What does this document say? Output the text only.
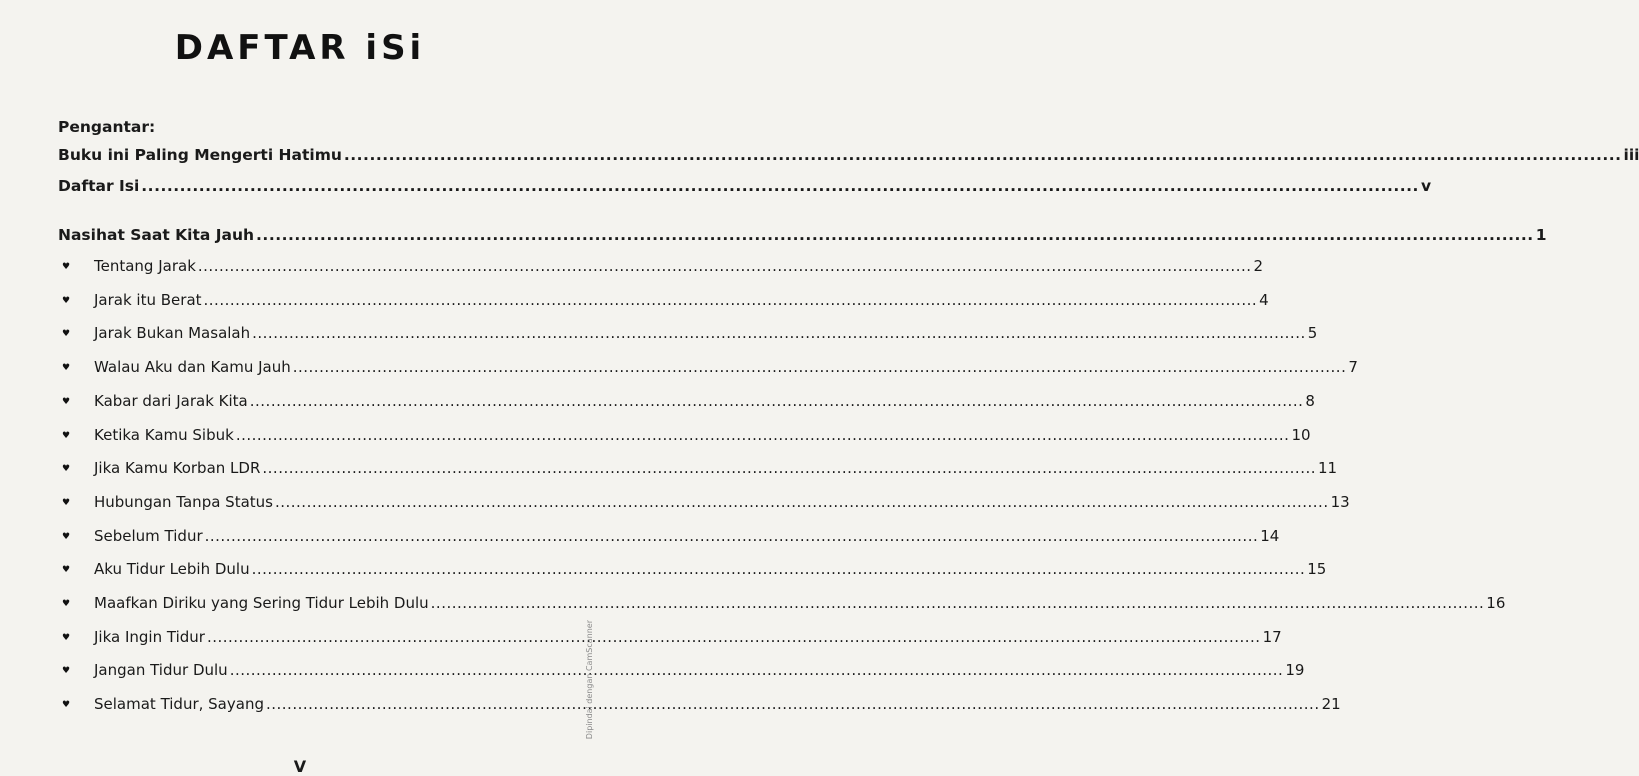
DAFTAR iSi
Pengantar:
Buku ini Paling Mengerti Hatimu ........................................................................................................................................................................................................ iii
Daftar Isi ........................................................................................................................................................................................................ v
Nasihat Saat Kita Jauh ........................................................................................................................................................................................................ 1
♥ Tentang Jarak ........................................................................................................................................................................................................ 2
♥ Jarak itu Berat ........................................................................................................................................................................................................ 4
♥ Jarak Bukan Masalah ........................................................................................................................................................................................................ 5
♥ Walau Aku dan Kamu Jauh ........................................................................................................................................................................................................ 7
♥ Kabar dari Jarak Kita ........................................................................................................................................................................................................ 8
♥ Ketika Kamu Sibuk ........................................................................................................................................................................................................ 10
♥ Jika Kamu Korban LDR ........................................................................................................................................................................................................ 11
♥ Hubungan Tanpa Status ........................................................................................................................................................................................................ 13
♥ Sebelum Tidur ........................................................................................................................................................................................................ 14
♥ Aku Tidur Lebih Dulu ........................................................................................................................................................................................................ 15
♥ Maafkan Diriku yang Sering Tidur Lebih Dulu ........................................................................................................................................................................................................ 16
♥ Jika Ingin Tidur ........................................................................................................................................................................................................ 17
♥ Jangan Tidur Dulu ........................................................................................................................................................................................................ 19
♥ Selamat Tidur, Sayang ........................................................................................................................................................................................................ 21
V
Dipindai dengan CamScanner
